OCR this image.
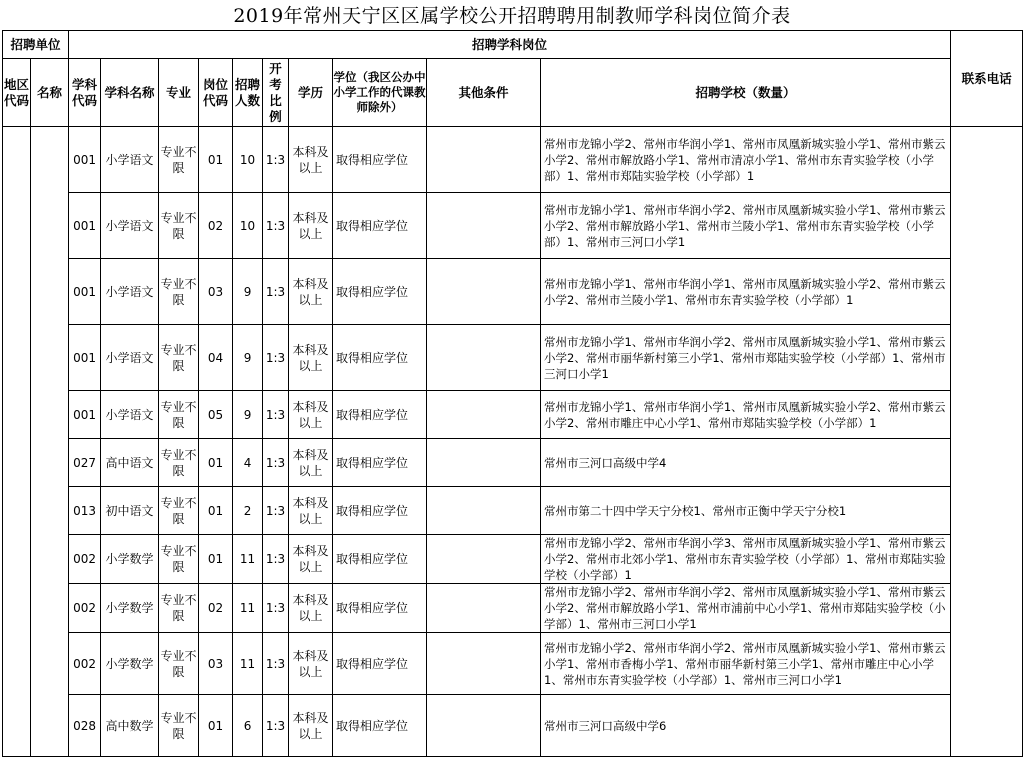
2019年常州天宁区区属学校公开招聘聘用制教师学科岗位简介表
招聘单位		招聘学科岗位										联系电话
地区代码	名称	学科代码	学科名称	专业	岗位代码	招聘人数	开考比例	学历	学位（我区公办中小学工作的代课教师除外）	其他条件	招聘学校（数量）	
		001	小学语文	专业不限	01	10	1:3	本科及以上	取得相应学位		常州市龙锦小学2、常州市华润小学1、常州市凤凰新城实验小学1、常州市紫云小学2、常州市解放路小学1、常州市清凉小学1、常州市东青实验学校（小学部）1、常州市郑陆实验学校（小学部）1	
		001	小学语文	专业不限	02	10	1:3	本科及以上	取得相应学位		常州市龙锦小学1、常州市华润小学2、常州市凤凰新城实验小学1、常州市紫云小学2、常州市解放路小学1、常州市兰陵小学1、常州市东青实验学校（小学部）1、常州市三河口小学1	
		001	小学语文	专业不限	03	9	1:3	本科及以上	取得相应学位		常州市龙锦小学1、常州市华润小学1、常州市凤凰新城实验小学2、常州市紫云小学2、常州市兰陵小学1、常州市东青实验学校（小学部）1	
		001	小学语文	专业不限	04	9	1:3	本科及以上	取得相应学位		常州市龙锦小学1、常州市华润小学2、常州市凤凰新城实验小学1、常州市紫云小学2、常州市丽华新村第三小学1、常州市郑陆实验学校（小学部）1、常州市三河口小学1	
		001	小学语文	专业不限	05	9	1:3	本科及以上	取得相应学位		常州市龙锦小学1、常州市华润小学1、常州市凤凰新城实验小学2、常州市紫云小学2、常州市雕庄中心小学1、常州市郑陆实验学校（小学部）1	
		027	高中语文	专业不限	01	4	1:3	本科及以上	取得相应学位		常州市三河口高级中学4	
		013	初中语文	专业不限	01	2	1:3	本科及以上	取得相应学位		常州市第二十四中学天宁分校1、常州市正衡中学天宁分校1	
		002	小学数学	专业不限	01	11	1:3	本科及以上	取得相应学位		常州市龙锦小学2、常州市华润小学3、常州市凤凰新城实验小学1、常州市紫云小学2、常州市北郊小学1、常州市东青实验学校（小学部）1、常州市郑陆实验学校（小学部）1	
		002	小学数学	专业不限	02	11	1:3	本科及以上	取得相应学位		常州市龙锦小学2、常州市华润小学2、常州市凤凰新城实验小学1、常州市紫云小学2、常州市解放路小学1、常州市浦前中心小学1、常州市郑陆实验学校（小学部）1、常州市三河口小学1	
		002	小学数学	专业不限	03	11	1:3	本科及以上	取得相应学位		常州市龙锦小学2、常州市华润小学2、常州市凤凰新城实验小学1、常州市紫云小学1、常州市香梅小学1、常州市丽华新村第三小学1、常州市雕庄中心小学1、常州市东青实验学校（小学部）1、常州市三河口小学1	
		028	高中数学	专业不限	01	6	1:3	本科及以上	取得相应学位		常州市三河口高级中学6	
